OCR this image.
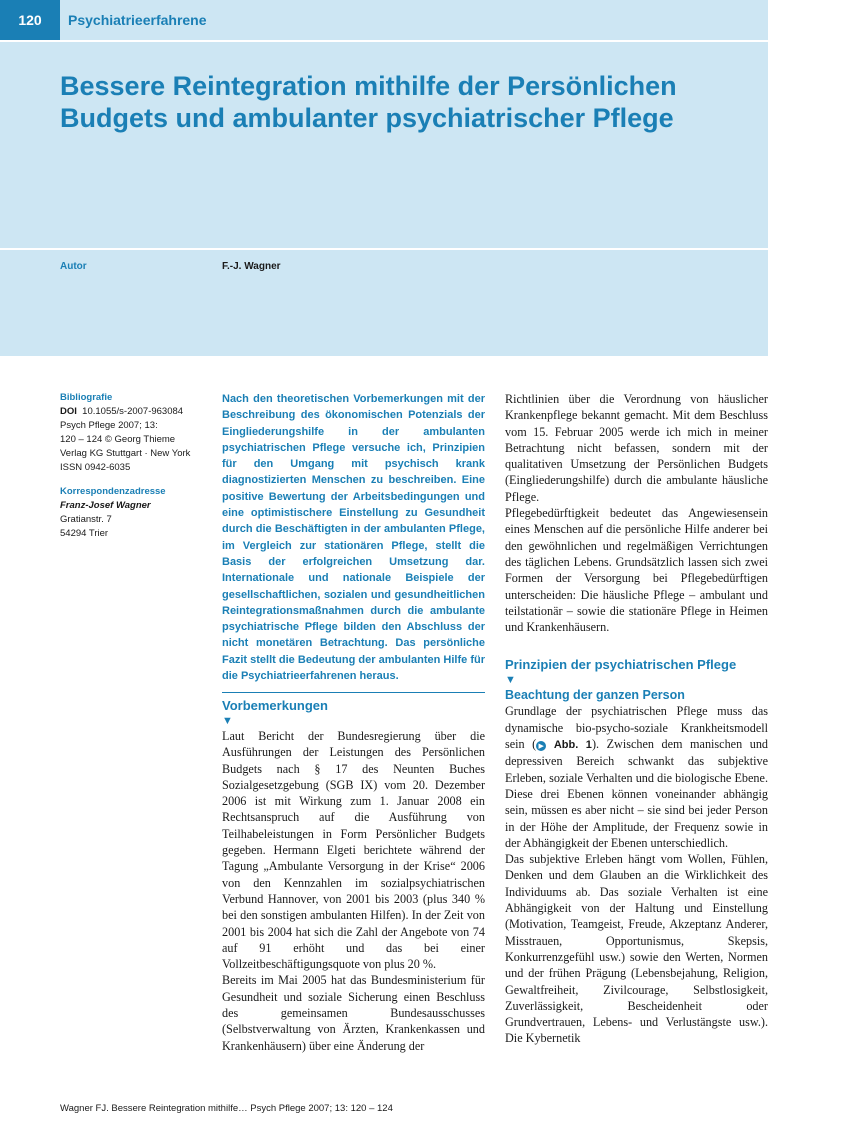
120	Psychiatrieerfahrene
Bessere Reintegration mithilfe der Persönlichen
Budgets und ambulanter psychiatrischer Pflege
Autor	F.-J. Wagner
Bibliografie
DOI 10.1055/s-2007-963084
Psych Pflege 2007; 13:
120 – 124 © Georg Thieme
Verlag KG Stuttgart · New York
ISSN 0942-6035
Korrespondenzadresse
Franz-Josef Wagner
Gratianstr. 7
54294 Trier

Nach den theoretischen Vorbemerkungen mit der Beschreibung des ökonomischen Potenzials der Eingliederungshilfe in der ambulanten psychiatrischen Pflege versuche ich, Prinzipien für den Umgang mit psychisch krank diagnostizierten Menschen zu beschreiben. Eine positive Bewertung der Arbeitsbedingungen und eine optimistischere Einstellung zu Gesundheit durch die Beschäftigten in der ambulanten Pflege, im Vergleich zur stationären Pflege, stellt die Basis der erfolgreichen Umsetzung dar. Internationale und nationale Beispiele der gesellschaftlichen, sozialen und gesundheitlichen Reintegrationsmaßnahmen durch die ambulante psychiatrische Pflege bilden den Abschluss der nicht monetären Betrachtung. Das persönliche Fazit stellt die Bedeutung der ambulanten Hilfe für die Psychiatrieerfahrenen heraus.

Vorbemerkungen
▼

Laut Bericht der Bundesregierung über die Ausführungen der Leistungen des Persönlichen Budgets nach § 17 des Neunten Buches Sozialgesetzgebung (SGB IX) vom 20. Dezember 2006 ist mit Wirkung zum 1. Januar 2008 ein Rechtsanspruch auf die Ausführung von Teilhabeleistungen in Form Persönlicher Budgets gegeben. Hermann Elgeti berichtete während der Tagung „Ambulante Versorgung in der Krise“ 2006 von den Kennzahlen im sozialpsychiatrischen Verbund Hannover, von 2001 bis 2003 (plus 340 % bei den sonstigen ambulanten Hilfen). In der Zeit von 2001 bis 2004 hat sich die Zahl der Angebote von 74 auf 91 erhöht und das bei einer Vollzeitbeschäftigungsquote von plus 20 %.

Bereits im Mai 2005 hat das Bundesministerium für Gesundheit und soziale Sicherung einen Beschluss des gemeinsamen Bundesausschusses (Selbstverwaltung von Ärzten, Krankenkassen und Krankenhäusern) über eine Änderung der

Richtlinien über die Verordnung von häuslicher Krankenpflege bekannt gemacht. Mit dem Beschluss vom 15. Februar 2005 werde ich mich in meiner Betrachtung nicht befassen, sondern mit der qualitativen Umsetzung der Persönlichen Budgets (Eingliederungshilfe) durch die ambulante häusliche Pflege.

Pflegebedürftigkeit bedeutet das Angewiesensein eines Menschen auf die persönliche Hilfe anderer bei den gewöhnlichen und regelmäßigen Verrichtungen des täglichen Lebens. Grundsätzlich lassen sich zwei Formen der Versorgung bei Pflegebedürftigen unterscheiden: Die häusliche Pflege – ambulant und teilstationär – sowie die stationäre Pflege in Heimen und Krankenhäusern.

Prinzipien der psychiatrischen Pflege
▼
Beachtung der ganzen Person

Grundlage der psychiatrischen Pflege muss das dynamische bio-psycho-soziale Krankheitsmodell sein ( ▶ Abb. 1). Zwischen dem manischen und depressiven Bereich schwankt das subjektive Erleben, soziale Verhalten und die biologische Ebene. Diese drei Ebenen können voneinander abhängig sein, müssen es aber nicht – sie sind bei jeder Person in der Höhe der Amplitude, der Frequenz sowie in der Abhängigkeit der Ebenen unterschiedlich.

Das subjektive Erleben hängt vom Wollen, Fühlen, Denken und dem Glauben an die Wirklichkeit des Individuums ab. Das soziale Verhalten ist eine Abhängigkeit von der Haltung und Einstellung (Motivation, Teamgeist, Freude, Akzeptanz Anderer, Misstrauen, Opportunismus, Skepsis, Konkurrenzgefühl usw.) sowie den Werten, Normen und der frühen Prägung (Lebensbejahung, Religion, Gewaltfreiheit, Zivilcourage, Selbstlosigkeit, Zuverlässigkeit, Bescheidenheit oder Grundvertrauen, Lebens- und Verlustängste usw.). Die Kybernetik

Wagner FJ. Bessere Reintegration mithilfe… Psych Pflege 2007; 13: 120 – 124
